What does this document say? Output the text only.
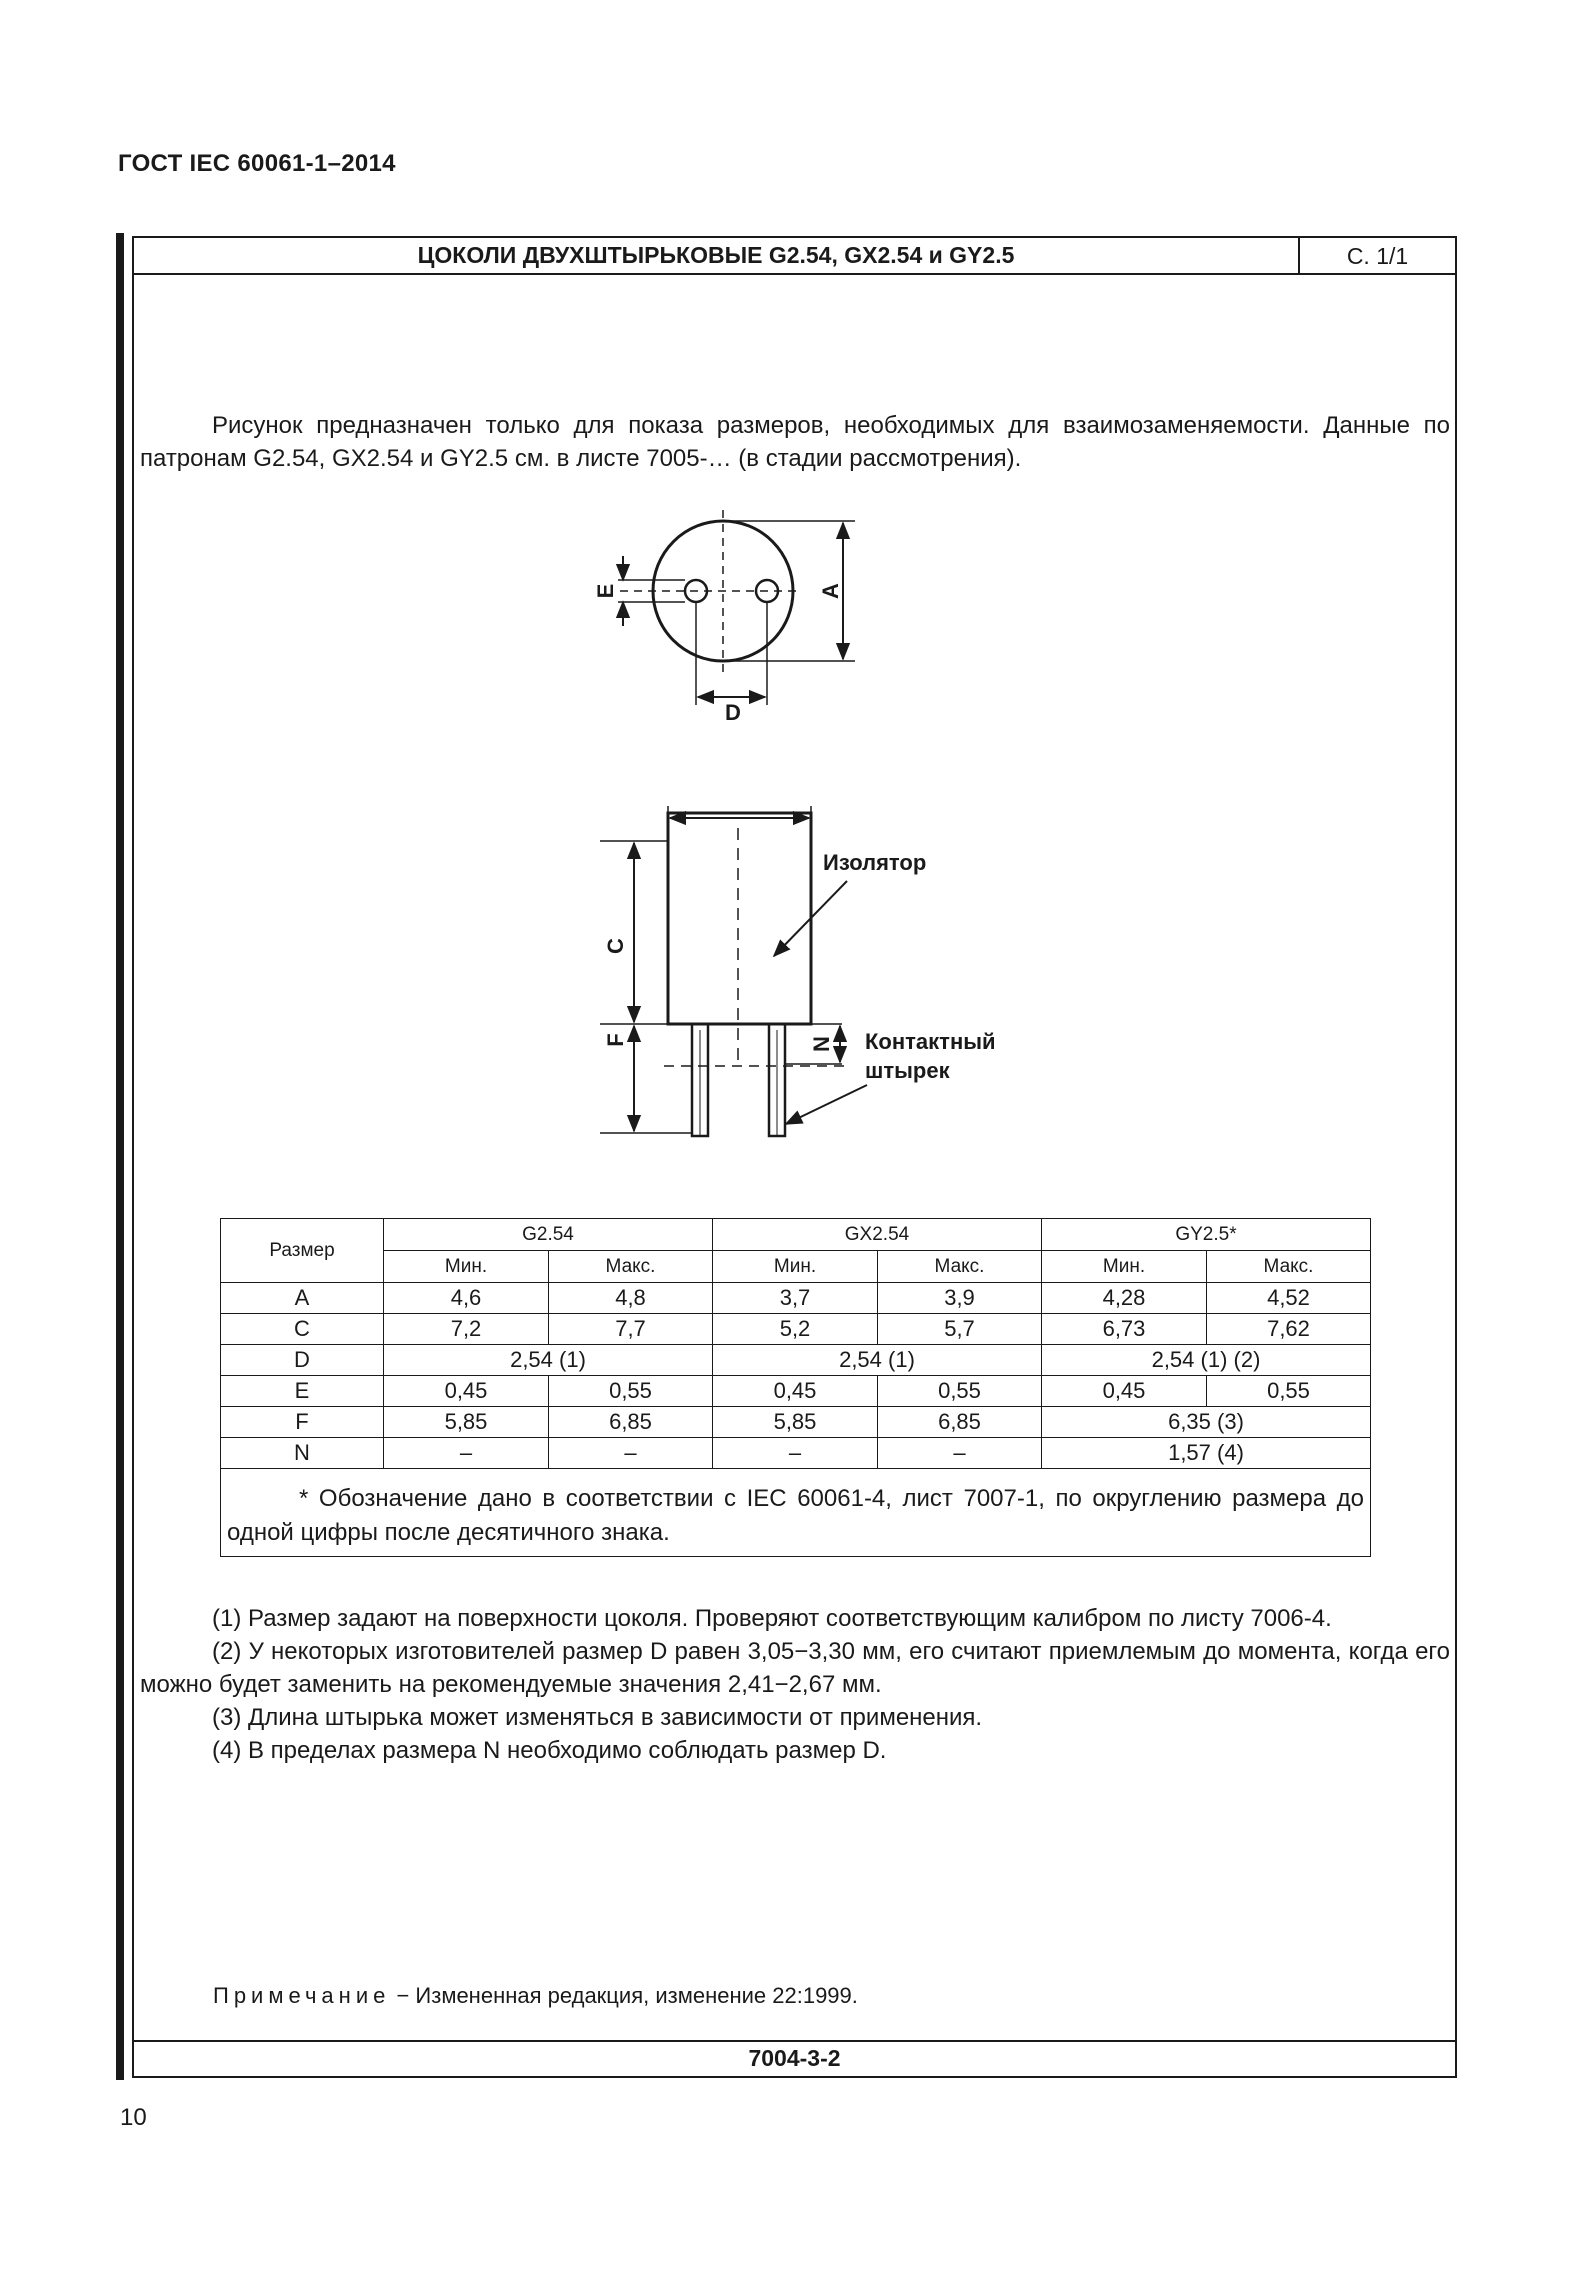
ГОСТ IEC 60061-1–2014
ЦОКОЛИ ДВУХШТЫРЬКОВЫЕ G2.54, GX2.54 и GY2.5	С. 1/1
7004-3-2
Рисунок предназначен только для показа размеров, необходимых для взаимозаменяемости. Данные по патронам G2.54, GX2.54 и GY2.5 см. в листе 7005-… (в стадии рассмотрения).
E	A
D
C
F	N
Изолятор
Контактный
штырек
Размер	G2.54		GX2.54		GY2.5*	
	Мин.	Макс.	Мин.	Макс.	Мин.	Макс.
A	4,6	4,8	3,7	3,9	4,28	4,52
C	7,2	7,7	5,2	5,7	6,73	7,62
D	2,54 (1)		2,54 (1)		2,54 (1) (2)	
E	0,45	0,55	0,45	0,55	0,45	0,55
F	5,85	6,85	5,85	6,85	6,35 (3)	
N	–	–	–	–	1,57 (4)	
* Обозначение дано в соответствии с IEC 60061-4, лист 7007-1, по округлению размера до одной цифры после десятичного знака.						

(1) Размер задают на поверхности цоколя. Проверяют соответствующим калибром по листу 7006-4.

(2) У некоторых изготовителей размер D равен 3,05−3,30 мм, его считают приемлемым до момента, когда его можно будет заменить на рекомендуемые значения 2,41−2,67 мм.

(3) Длина штырька может изменяться в зависимости от применения.

(4) В пределах размера N необходимо соблюдать размер D.

Примечание − Измененная редакция, изменение 22:1999.
10
